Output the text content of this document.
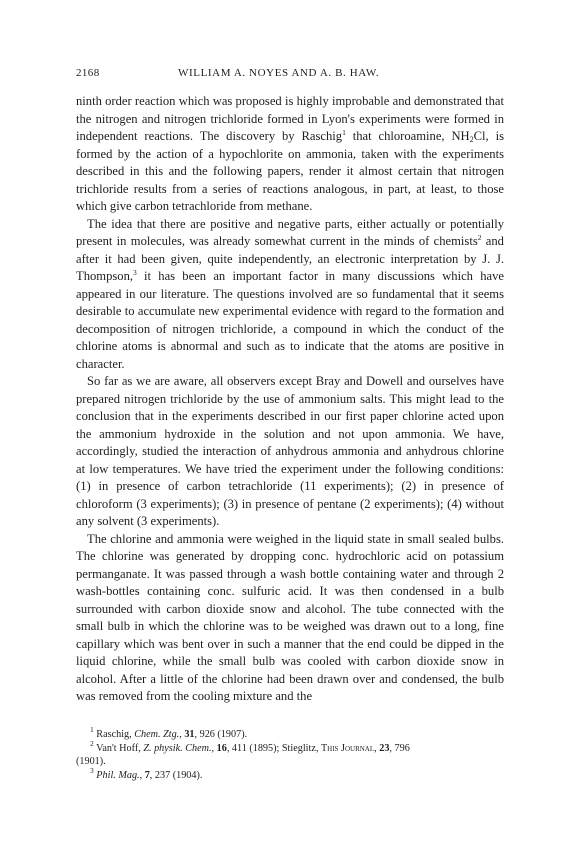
2168	WILLIAM A. NOYES AND A. B. HAW.

ninth order reaction which was proposed is highly improbable and demonstrated that the nitrogen and nitrogen trichloride formed in Lyon's experiments were formed in independent reactions. The discovery by Raschig$^1$ that chloroamine, $NH_2Cl$, is formed by the action of a hypochlorite on ammonia, taken with the experiments described in this and the following papers, render it almost certain that nitrogen trichloride results from a series of reactions analogous, in part, at least, to those which give carbon tetrachloride from methane.

The idea that there are positive and negative parts, either actually or potentially present in molecules, was already somewhat current in the minds of chemists$^2$ and after it had been given, quite independently, an electronic interpretation by J. J. Thompson,$^3$ it has been an important factor in many discussions which have appeared in our literature. The questions involved are so fundamental that it seems desirable to accumulate new experimental evidence with regard to the formation and decomposition of nitrogen trichloride, a compound in which the conduct of the chlorine atoms is abnormal and such as to indicate that the atoms are positive in character.

So far as we are aware, all observers except Bray and Dowell and ourselves have prepared nitrogen trichloride by the use of ammonium salts. This might lead to the conclusion that in the experiments described in our first paper chlorine acted upon the ammonium hydroxide in the solution and not upon ammonia. We have, accordingly, studied the interaction of anhydrous ammonia and anhydrous chlorine at low temperatures. We have tried the experiment under the following conditions: (1) in presence of carbon tetrachloride (11 experiments); (2) in presence of chloroform (3 experiments); (3) in presence of pentane (2 experiments); (4) without any solvent (3 experiments).

The chlorine and ammonia were weighed in the liquid state in small sealed bulbs. The chlorine was generated by dropping conc. hydrochloric acid on potassium permanganate. It was passed through a wash bottle containing water and through 2 wash-bottles containing conc. sulfuric acid. It was then condensed in a bulb surrounded with carbon dioxide snow and alcohol. The tube connected with the small bulb in which the chlorine was to be weighed was drawn out to a long, fine capillary which was bent over in such a manner that the end could be dipped in the liquid chlorine, while the small bulb was cooled with carbon dioxide snow in alcohol. After a little of the chlorine had been drawn over and condensed, the bulb was removed from the cooling mixture and the

$^1$ Raschig, Chem. Ztg., 31, 926 (1907).

$^2$ Van't Hoff, Z. physik. Chem., 16, 411 (1895); Stieglitz, This Journal, 23, 796

(1901).

$^3$ Phil. Mag., 7, 237 (1904).
